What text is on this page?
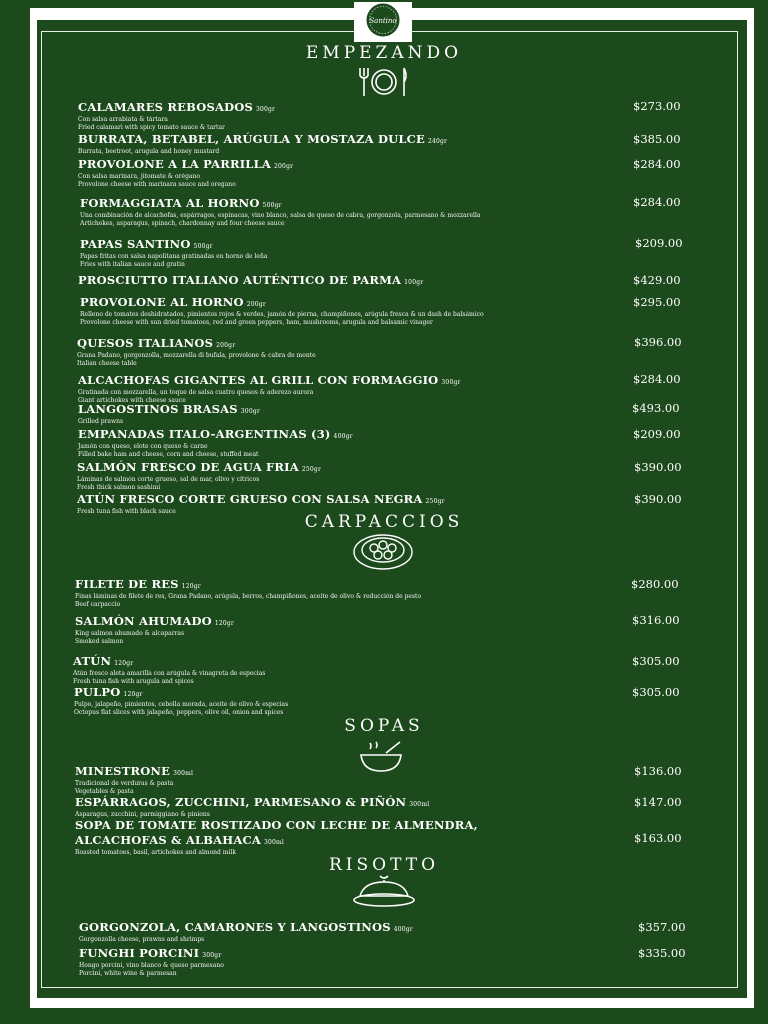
Santino
EMPEZANDO
CARPACCIOS
SOPAS
RISOTTO
CALAMARES REBOSADOS 300gr
Con salsa arrabiata & tártara
Fried calamari with spicy tomato sauce & tartar
$273.00
BURRATA, BETABEL, ARÚGULA Y MOSTAZA DULCE 240gr
Burrata, beetroot, arugula and honey mustard
$385.00
PROVOLONE A LA PARRILLA 200gr
Con salsa marinara, jitomate & orégano
Provolone cheese with marinara sauce and oregano
$284.00
FORMAGGIATA AL HORNO 500gr
Una combinación de alcachofas, espárragos, espinacas, vino blanco, salsa de queso de cabra, gorgonzola, parmesano & mozzarella
Artichokes, asparagus, spinach, chardonnay and four cheese sauce
$284.00
PAPAS SANTINO 500gr
Papas fritas con salsa napolitana gratinadas en horno de leña
Fries with italian sauce and gratin
$209.00
PROSCIUTTO ITALIANO AUTÉNTICO DE PARMA 100gr	$429.00
PROVOLONE AL HORNO 200gr
Relleno de tomates deshidratados, pimientos rojos & verdes, jamón de pierna, champiñones, arúgula fresca & un dash de balsámico
Provolone cheese with sun dried tomatoes, red and green peppers, ham, mushrooms, arugula and balsamic vinager
$295.00
QUESOS ITALIANOS 200gr
Grana Padano, gorgonzolla, mozzarella di bufala, provolone & cabra de monte
Italian cheese table
$396.00
ALCACHOFAS GIGANTES AL GRILL CON FORMAGGIO 300gr
Gratinada con mozzarella, un toque de salsa cuatro quesos & aderezo aurora
Giant artichokes with cheese sauce
$284.00
LANGOSTINOS BRASAS 300gr
Grilled prawns
$493.00
EMPANADAS ITALO-ARGENTINAS (3) 400gr
Jamón con queso, elote con queso & carne
Filled bake ham and cheese, corn and cheese, stuffed meat
$209.00
SALMÓN FRESCO DE AGUA FRIA 250gr
Láminas de salmón corte grueso, sal de mar, olivo y cítricos
Fresh thick salmon sashimi
$390.00
ATÚN FRESCO CORTE GRUESO CON SALSA NEGRA 250gr
Fresh tuna fish with black sauce
$390.00
FILETE DE RES 120gr
Finas láminas de filete de res, Grana Padano, arúgula, berros, champiñones, aceite de olivo & reducción de pesto
Beef carpaccio
$280.00
SALMÓN AHUMADO 120gr
King salmon ahumado & alcaparras
Smoked salmon
$316.00
ATÚN 120gr
Atún fresco aleta amarilla con arúgula & vinagreta de especias
Fresh tuna fish with arugula and spices
$305.00
PULPO 120gr
Pulpo, jalapeño, pimientos, cebolla morada, aceite de olivo & especias
Octopus flat slices with jalapeño, peppers, olive oil, onion and spices
$305.00
MINESTRONE 300ml
Tradicional de verduras & pasta
Vegetables & pasta
$136.00
ESPÁRRAGOS, ZUCCHINI, PARMESANO & PIÑÓN 300ml
Asparagus, zucchini, parmiggiano & pinions
$147.00
SOPA DE TOMATE ROSTIZADO CON LECHE DE ALMENDRA,
ALCACHOFAS & ALBAHACA 300ml
Roasted tomatoes, basil, artichokes and almond milk
$163.00
GORGONZOLA, CAMARONES Y LANGOSTINOS 400gr
Gorgonzolla cheese, prawns and shrimps
$357.00
FUNGHI PORCINI 300gr
Hongo porcini, vino blanco & queso parmesano
Porcini, white wine & parmesan
$335.00
